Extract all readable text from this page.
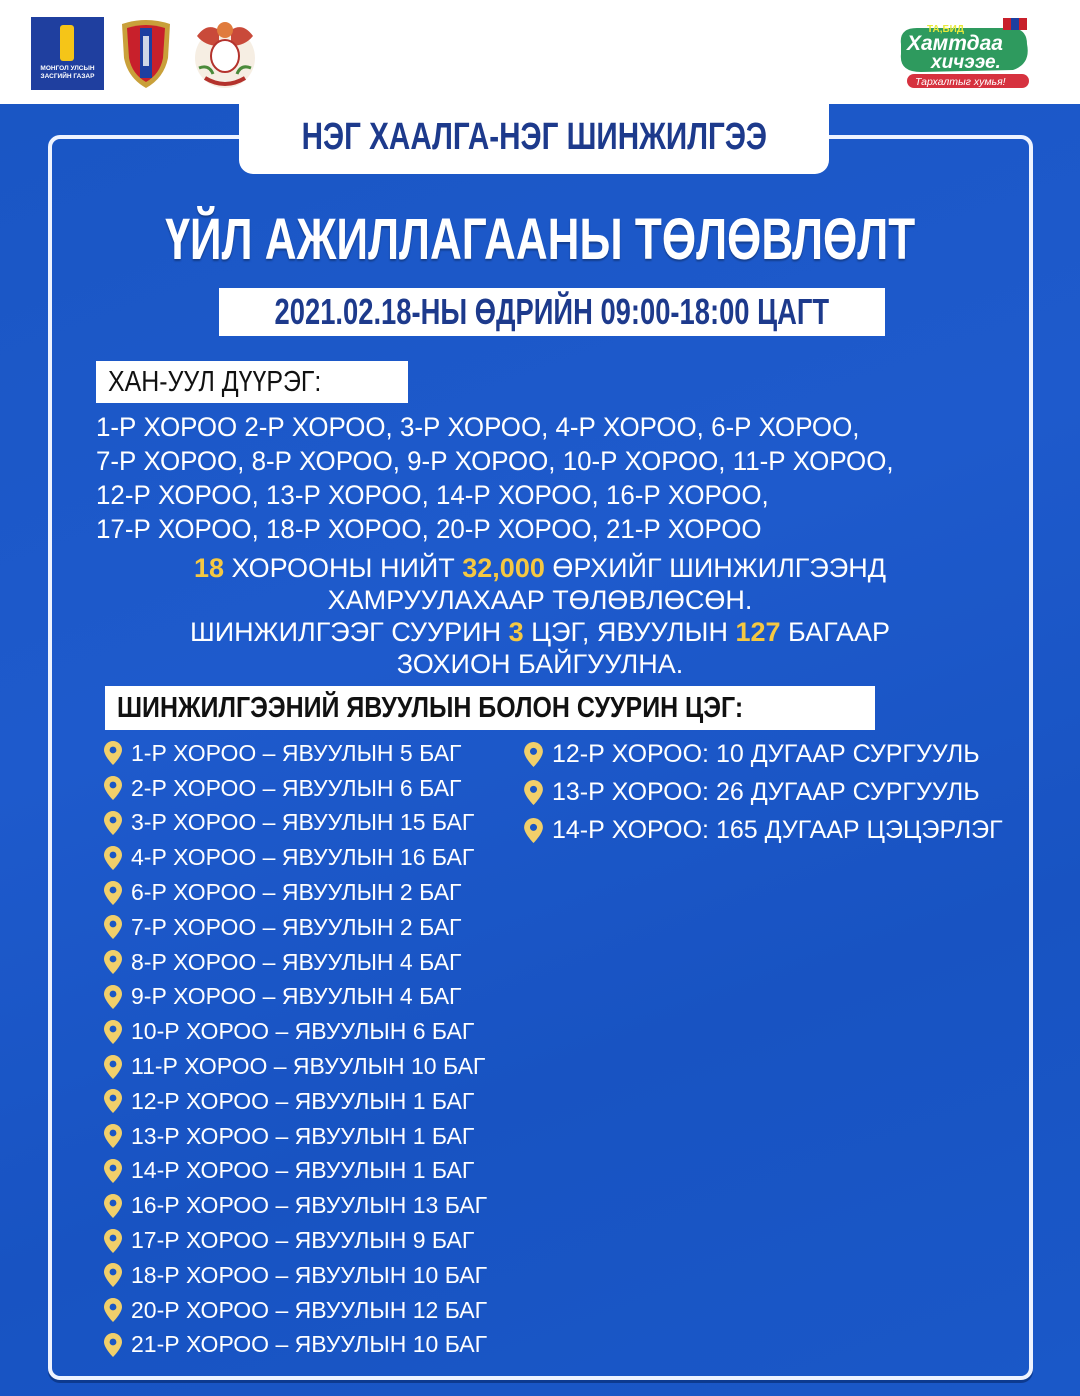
МОНГОЛ УЛСЫН ЗАСГИЙН ГАЗАР
ТА,БИД
Хамтдаа
хичээе.
Тархалтыг хумья!
НЭГ ХААЛГА-НЭГ ШИНЖИЛГЭЭ
ҮЙЛ АЖИЛЛАГААНЫ ТӨЛӨВЛӨЛТ
2021.02.18-НЫ ӨДРИЙН 09:00-18:00 ЦАГТ
ХАН-УУЛ ДҮҮРЭГ:
1-Р ХОРОО 2-Р ХОРОО, 3-Р ХОРОО, 4-Р ХОРОО, 6-Р ХОРОО,
7-Р ХОРОО, 8-Р ХОРОО, 9-Р ХОРОО, 10-Р ХОРОО, 11-Р ХОРОО,
12-Р ХОРОО, 13-Р ХОРОО, 14-Р ХОРОО, 16-Р ХОРОО,
17-Р ХОРОО, 18-Р ХОРОО, 20-Р ХОРОО, 21-Р ХОРОО
18 ХОРООНЫ НИЙТ 32,000 ӨРХИЙГ ШИНЖИЛГЭЭНД
ХАМРУУЛАХААР ТӨЛӨВЛӨСӨН.
ШИНЖИЛГЭЭГ СУУРИН 3 ЦЭГ, ЯВУУЛЫН 127 БАГААР
ЗОХИОН БАЙГУУЛНА.
ШИНЖИЛГЭЭНИЙ ЯВУУЛЫН БОЛОН СУУРИН ЦЭГ:
1-Р ХОРОО – ЯВУУЛЫН 5 БАГ
2-Р ХОРОО – ЯВУУЛЫН 6 БАГ
3-Р ХОРОО – ЯВУУЛЫН 15 БАГ
4-Р ХОРОО – ЯВУУЛЫН 16 БАГ
6-Р ХОРОО – ЯВУУЛЫН 2 БАГ
7-Р ХОРОО – ЯВУУЛЫН 2 БАГ
8-Р ХОРОО – ЯВУУЛЫН 4 БАГ
9-Р ХОРОО – ЯВУУЛЫН 4 БАГ
10-Р ХОРОО – ЯВУУЛЫН 6 БАГ
11-Р ХОРОО – ЯВУУЛЫН 10 БАГ
12-Р ХОРОО – ЯВУУЛЫН 1 БАГ
13-Р ХОРОО – ЯВУУЛЫН 1 БАГ
14-Р ХОРОО – ЯВУУЛЫН 1 БАГ
16-Р ХОРОО – ЯВУУЛЫН 13 БАГ
17-Р ХОРОО – ЯВУУЛЫН 9 БАГ
18-Р ХОРОО – ЯВУУЛЫН 10 БАГ
20-Р ХОРОО – ЯВУУЛЫН 12 БАГ
21-Р ХОРОО – ЯВУУЛЫН 10 БАГ
12-Р ХОРОО: 10 ДУГААР СУРГУУЛЬ
13-Р ХОРОО: 26 ДУГААР СУРГУУЛЬ
14-Р ХОРОО: 165 ДУГААР ЦЭЦЭРЛЭГ
